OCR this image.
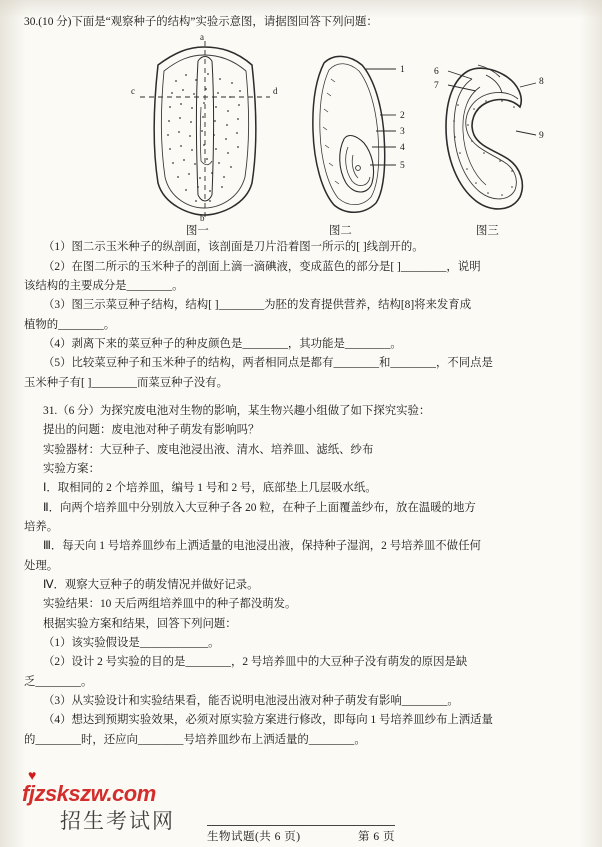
30.(10 分)下面是“观察种子的结构”实验示意图，请据图回答下列问题：
a
c	d
b
1
2
3
4
5
6
7	8
9
图一	图二	图三
（1）图二示玉米种子的纵剖面，该剖面是刀片沿着图一所示的[ ]线剖开的。
（2）在图二所示的玉米种子的剖面上滴一滴碘液，变成蓝色的部分是[ ]________，说明
该结构的主要成分是________。
（3）图三示菜豆种子结构，结构[ ]________为胚的发育提供营养，结构[8]将来发育成
植物的________。
（4）剥离下来的菜豆种子的种皮颜色是________，其功能是________。
（5）比较菜豆种子和玉米种子的结构，两者相同点是都有________和________，不同点是
玉米种子有[ ]________而菜豆种子没有。
31.（6 分）为探究废电池对生物的影响，某生物兴趣小组做了如下探究实验：
提出的问题：废电池对种子萌发有影响吗？
实验器材：大豆种子、废电池浸出液、清水、培养皿、滤纸、纱布
实验方案：
Ⅰ．取相同的 2 个培养皿，编号 1 号和 2 号，底部垫上几层吸水纸。
Ⅱ．向两个培养皿中分别放入大豆种子各 20 粒，在种子上面覆盖纱布，放在温暖的地方
培养。
Ⅲ．每天向 1 号培养皿纱布上洒适量的电池浸出液，保持种子湿润，2 号培养皿不做任何
处理。
Ⅳ．观察大豆种子的萌发情况并做好记录。
实验结果：10 天后两组培养皿中的种子都没萌发。
根据实验方案和结果，回答下列问题：
（1）该实验假设是____________。
（2）设计 2 号实验的目的是________，2 号培养皿中的大豆种子没有萌发的原因是缺
乏________。
（3）从实验设计和实验结果看，能否说明电池浸出液对种子萌发有影响________。
（4）想达到预期实验效果，必须对原实验方案进行修改，即每向 1 号培养皿纱布上洒适量
的________时，还应向________号培养皿纱布上洒适量的________。
♥
fjzskszw.com
招生考试网
生物试题(共 6 页)	第 6 页
